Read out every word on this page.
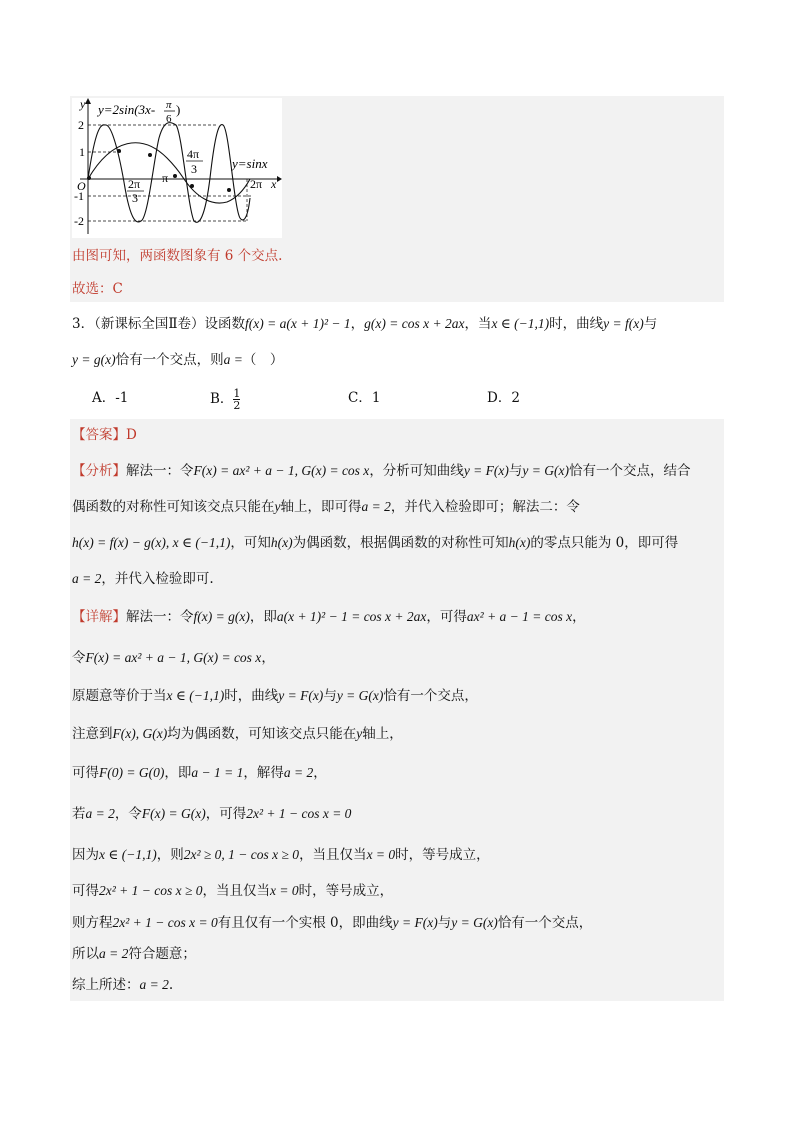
y=2sin(3x- π
6
)
y=sinx
y
x
O
2
1
-1
-2
2π
3
π
4π
3
2π
由图可知，两函数图象有 6 个交点.
故选：C
3．（新课标全国Ⅱ卷）设函数f(x) = a(x + 1)² − 1，g(x) = cos x + 2ax，当x ∈ (−1,1)时，曲线y = f(x)与
y = g(x)恰有一个交点，则a =（　）
A．-1	B． $\frac{1}{2}$	C．1	D．2
【答案】D
【分析】解法一：令F(x) = ax² + a − 1, G(x) = cos x，分析可知曲线y = F(x)与y = G(x)恰有一个交点，结合
偶函数的对称性可知该交点只能在y轴上，即可得a = 2，并代入检验即可；解法二：令
h(x) = f(x) − g(x), x ∈ (−1,1)，可知h(x)为偶函数，根据偶函数的对称性可知h(x)的零点只能为 0，即可得
a = 2，并代入检验即可.
【详解】解法一：令f(x) = g(x)，即a(x + 1)² − 1 = cos x + 2ax，可得ax² + a − 1 = cos x，
令F(x) = ax² + a − 1, G(x) = cos x，
原题意等价于当x ∈ (−1,1)时，曲线y = F(x)与y = G(x)恰有一个交点，
注意到F(x), G(x)均为偶函数，可知该交点只能在y轴上，
可得F(0) = G(0)，即a − 1 = 1，解得a = 2，
若a = 2，令F(x) = G(x)，可得2x² + 1 − cos x = 0
因为x ∈ (−1,1)，则2x² ≥ 0, 1 − cos x ≥ 0，当且仅当x = 0时，等号成立，
可得2x² + 1 − cos x ≥ 0，当且仅当x = 0时，等号成立，
则方程2x² + 1 − cos x = 0有且仅有一个实根 0，即曲线y = F(x)与y = G(x)恰有一个交点，
所以a = 2符合题意；
综上所述：a = 2.
